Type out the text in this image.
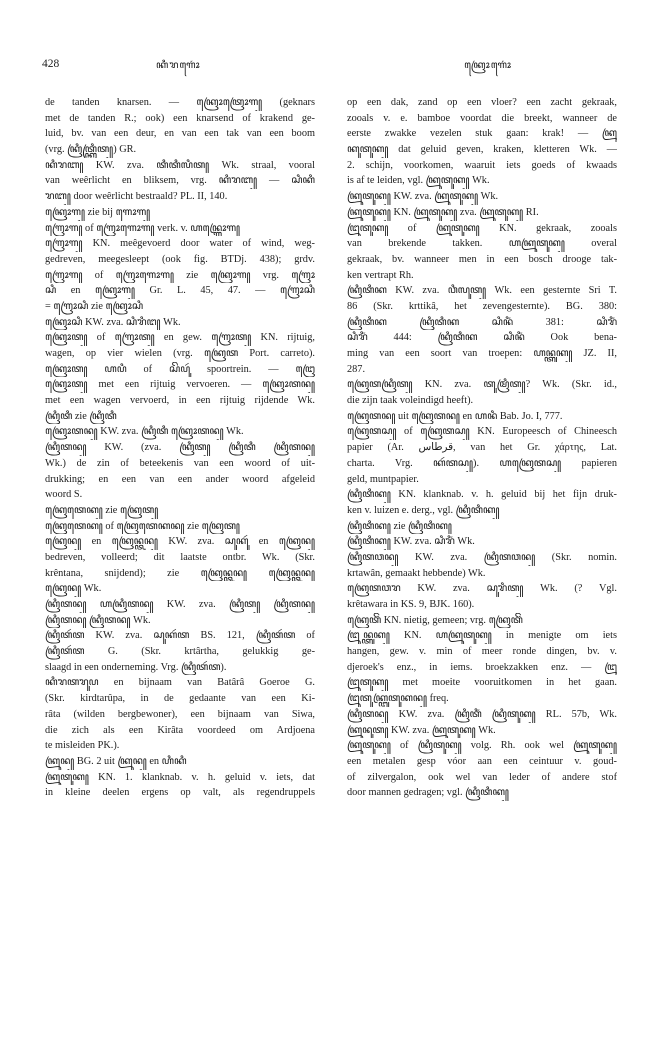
428	ꦏꦶꦫꦒꦺꦴꦁ	ꦏꦿꦺꦴꦒꦺꦴꦁ
de tanden knarsen. — ꦏꦿꦺꦴꦠꦿꦺꦴꦒ꧀ (geknars
met de tanden R.; ook) een knarsend of krakend ge-
luid, bv. van een deur, en van een tak van een boom
(vrg. ꦏꦿꦶꦠ꧀ꦏꦿꦶꦠ꧀) GR.
ꦏꦶꦫꦧ꧀ KW. zva. ꦠꦶꦠꦶꦭꦶꦠ꧀ Wk. straal, vooral
van weêrlicht en bliksem, vrg. ꦏꦶꦫꦧ꧀ — ꦱꦶꦏꦶ
ꦫꦧ꧀ door weêrlicht bestraald? PL. II, 140.
ꦏꦿꦺꦴꦒ꧀ zie bij ꦒꦺꦴꦒ꧀
ꦒꦿꦺꦴꦒ꧀ of ꦒꦿꦺꦴꦒꦺꦴꦒ꧀ verk. v. ꦲꦤ꧀ꦒꦿꦺꦴꦒ꧀
ꦒꦿꦺꦴꦒ꧀ KN. meêgevoerd door water of wind, weg-
gedreven, meegesleept (ook fig. BTDj. 438); grdv.
ꦒꦿꦺꦴꦒ꧀ of ꦒꦿꦺꦴꦒꦺꦴꦒ꧀ zie ꦏꦿꦺꦴꦒ꧀ vrg. ꦒꦿꦺꦴ
ꦱꦶ en ꦏꦿꦺꦴꦒ꧀ Gr. L. 45, 47. — ꦒꦿꦺꦴꦱꦶ
= ꦒꦿꦺꦴꦱꦶ zie ꦏꦿꦺꦴꦱꦶ
ꦏꦿꦺꦴꦱꦶ KW. zva. ꦱꦶꦫꦶꦔ꧀ Wk.
ꦏꦿꦺꦴꦠ꧀ of ꦒꦿꦺꦴꦠ꧀ en gew. ꦒꦿꦺꦴꦠ꧀ KN. rijtuig,
wagen, op vier wielen (vrg. ꦏꦿꦺꦠ Port. carreto).
ꦏꦿꦺꦴꦠ꧀ ꦲꦥꦶ of ꦱꦼꦥꦸꦂ spoortrein. — ꦔꦿꦺ
ꦏꦿꦺꦴꦠ꧀ met een rijtuig vervoeren. — ꦏꦿꦺꦴꦠꦤ꧀
met een wagen vervoerd, in een rijtuig rijdende Wk.
ꦏꦿꦶꦠꦶ zie ꦏꦿꦶꦠꦶ
ꦏꦿꦺꦴꦠꦤ꧀ KW. zva. ꦏꦿꦶꦠꦶ ꦏꦿꦺꦴꦠꦤ꧀ Wk.
ꦏꦿꦶꦠꦤ꧀ KW. (zva. ꦏꦿꦶꦠ꧀ ꦏꦿꦶꦠꦶ ꦏꦿꦶꦠꦤ꧀
Wk.) de zin of beteekenis van een woord of uit-
drukking; en een van een ander woord afgeleid
woord S.
ꦏꦿꦺꦠꦺꦏ꧀ zie ꦏꦿꦺꦠ꧀
ꦏꦿꦺꦠꦺꦏ꧀ of ꦏꦿꦺꦠꦺꦏꦤ꧀ zie ꦏꦿꦺꦠ꧀
ꦏꦿꦺꦤ꧀ en ꦏꦿꦺꦤ꧀ꦠꦤ꧀ KW. zva. ꦱꦸꦏꦸꦂ en ꦏꦿꦺꦤ꧀
bedreven, volleerd; dit laatste ontbr. Wk. (Skr.
krêntana, snijdend); zie ꦏꦿꦺꦤ꧀ꦠꦤ꧀ ꦏꦿꦺꦤ꧀ꦠꦤ꧀
ꦏꦿꦺꦤ꧀ Wk.
ꦏꦿꦶꦠꦤ꧀ ꦲꦏꦿꦶꦠꦤ꧀ KW. zva. ꦏꦿꦶꦠ꧀ ꦏꦿꦶꦠꦤ꧀
ꦏꦿꦶꦠꦤ꧀ ꦏꦿꦶꦠꦤ꧀ Wk.
ꦏꦿꦶꦠꦂꦠ KW. zva. ꦱꦸꦏꦂꦠ BS. 121, ꦏꦿꦶꦠꦂꦠ of
ꦏꦿꦶꦠꦂꦠ G. (Skr. krtârtha, gelukkig ge-
slaagd in een onderneming. Vrg. ꦏꦿꦶꦠꦂꦠ).
ꦏꦶꦫꦠꦫꦸꦥ en bijnaam van Batârâ Goeroe G.
(Skr. kirdtarûpa, in de gedaante van een Ki-
râta (wilden bergbewoner), een bijnaam van Siwa,
die zich als een Kirâta voordeed om Ardjoena
te misleiden PK.).
ꦏꦿꦸꦤ꧀ BG. 2 uit ꦏꦿꦸꦤ꧀ en ꦲꦶꦏꦶ
ꦏꦿꦸꦠꦸꦏ꧀ KN. 1. klanknab. v. h. geluid v. iets, dat
in kleine deelen ergens op valt, als regendruppels
op een dak, zand op een vloer? een zacht gekraak,
zooals v. e. bamboe voordat die breekt, wanneer de
eerste zwakke vezelen stuk gaan: krak! — ꦏꦿꦸ
ꦏꦸꦠꦸꦏ꧀ dat geluid geven, kraken, kletteren Wk. —
2. schijn, voorkomen, waaruit iets goeds of kwaads
is af te leiden, vgl. ꦏꦿꦸꦠꦸꦏ꧀ Wk.
ꦏꦿꦸꦠꦸꦏ꧀ KW. zva. ꦏꦿꦸꦠꦸꦏ꧀ Wk.
ꦏꦿꦸꦠꦸꦏ꧀ KN. ꦏꦿꦸꦠꦸꦏ꧀ zva. ꦏꦿꦸꦠꦸꦏ꧀ RI.
ꦔꦿꦸꦠꦸꦏ꧀ of ꦏꦿꦸꦠꦸꦏ꧀ KN. gekraak, zooals
van brekende takken. ꦲꦏꦿꦸꦠꦸꦏ꧀ overal
gekraak, bv. wanneer men in een bosch drooge tak-
ken vertrapt Rh.
ꦏꦿꦶꦠꦶꦏ KW. zva. ꦮꦶꦭꦸꦠ꧀ Wk. een gesternte Sri T.
86 (Skr. krttikâ, het zevengesternte). BG. 380:
ꦏꦿꦶꦠꦶꦏ ꦏꦿꦶꦠꦶꦏ ꦱꦶꦤꦶꦁ 381: ꦱꦶꦫꦶꦁ
ꦱꦶꦫꦶꦁ 444: ꦏꦿꦶꦠꦶꦏ ꦱꦶꦤꦶꦁ Ook bena-
ming van een soort van troepen: ꦲꦤ꧀ꦠꦸꦏ꧀ JZ. II,
287.
ꦏꦿꦺꦠꦏꦿꦶꦠ꧀ KN. zva. ꦠꦸꦩꦿꦶꦠ꧀? Wk. (Skr. id.,
die zijn taak voleindigd heeft).
ꦏꦿꦺꦠꦤ꧀ uit ꦏꦿꦺꦠꦤ꧀ en ꦲꦤꦶ Bab. Jo. I, 777.
ꦏꦿꦺꦠꦱ꧀ of ꦏꦿꦺꦠꦱ꧀ KN. Europeesch of Chineesch
papier (Ar. قرطاس, van het Gr. χάρτης, Lat.
charta. Vrg. ꦏꦂꦠꦱ꧀). ꦲꦏꦿꦺꦠꦱ꧀ papieren
geld, muntpapier.
ꦏꦿꦶꦠꦶꦏ꧀ KN. klanknab. v. h. geluid bij het fijn druk-
ken v. luizen e. derg., vgl. ꦏꦿꦶꦠꦶꦏ꧀
ꦏꦿꦶꦠꦶꦏ꧀ zie ꦏꦿꦶꦠꦶꦏ꧀
ꦏꦿꦶꦠꦶꦏ꧀ KW. zva. ꦱꦶꦫꦶꦁ Wk.
ꦏꦿꦶꦠꦮꦤ꧀ KW. zva. ꦏꦿꦶꦠꦮꦤ꧀ (Skr. nomin.
krtawân, gemaakt hebbende) Wk.
ꦏꦿꦺꦠꦮꦫ KW. zva. ꦱꦸꦫꦶꦠ꧀ Wk. (? Vgl.
krêtawara in KS. 9, BJK. 160).
ꦏꦿꦺꦠꦼꦁ KN. nietig, gemeen; vrg. ꦏꦿꦺꦠꦼꦁ
ꦔꦿꦸꦤ꧀ꦠꦸꦏ꧀ KN. ꦲꦏꦿꦸꦠꦸꦏ꧀ in menigte om iets
hangen, gew. v. min of meer ronde dingen, bv. v.
djeroek's enz., in iems. broekzakken enz. — ꦔꦿꦸ
ꦔꦿꦸꦠꦸꦏ꧀ met moeite vooruitkomen in het gaan.
ꦔꦿꦸꦠꦸꦏ꧀ꦔꦿꦸꦠꦸꦏꦤ꧀ freq.
ꦏꦿꦶꦠꦤ꧀ KW. zva. ꦏꦿꦶꦠꦶꦁ ꦏꦿꦶꦠꦸꦏ꧀ RL. 57b, Wk.
ꦏꦿꦸꦤꦸꦠ꧀ KW. zva. ꦏꦿꦸꦠꦸꦏ꧀ Wk.
ꦏꦿꦸꦠꦸꦏ꧀ of ꦏꦿꦶꦠꦸꦏ꧀ volg. Rh. ook wel ꦏꦿꦸꦠꦸꦏ꧀
een metalen gesp vóor aan een ceintuur v. goud-
of zilvergalon, ook wel van leder of andere stof
door mannen gedragen; vgl. ꦏꦿꦶꦠꦶꦏ꧀
